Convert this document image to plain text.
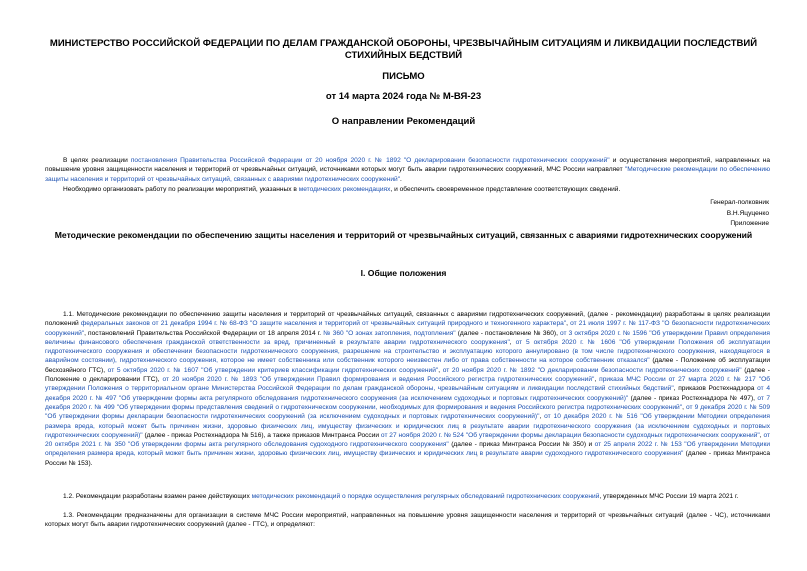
МИНИСТЕРСТВО РОССИЙСКОЙ ФЕДЕРАЦИИ ПО ДЕЛАМ ГРАЖДАНСКОЙ ОБОРОНЫ, ЧРЕЗВЫЧАЙНЫМ СИТУАЦИЯМ И ЛИКВИДАЦИИ ПОСЛЕДСТВИЙ СТИХИЙНЫХ БЕДСТВИЙ
ПИСЬМО
от 14 марта 2024 года № М-ВЯ-23
О направлении Рекомендаций

В целях реализации постановления Правительства Российской Федерации от 20 ноября 2020 г. № 1892 "О декларировании безопасности гидротехнических сооружений" и осуществления мероприятий, направленных на повышение уровня защищенности населения и территорий от чрезвычайных ситуаций, источниками которых могут быть аварии гидротехнических сооружений, МЧС России направляет "Методические рекомендации по обеспечению защиты населения и территорий от чрезвычайных ситуаций, связанных с авариями гидротехнических сооружений".

Необходимо организовать работу по реализации мероприятий, указанных в методических рекомендациях, и обеспечить своевременное представление соответствующих сведений.

Генерал-полковник
В.Н.Яцуценко
Приложение
Методические рекомендации по обеспечению защиты населения и территорий от чрезвычайных ситуаций, связанных с авариями гидротехнических сооружений
I. Общие положения

1.1. Методические рекомендации по обеспечению защиты населения и территорий от чрезвычайных ситуаций, связанных с авариями гидротехнических сооружений, (далее - рекомендации) разработаны в целях реализации положений федеральных законов от 21 декабря 1994 г. № 68-ФЗ "О защите населения и территорий от чрезвычайных ситуаций природного и техногенного характера", от 21 июля 1997 г. № 117-ФЗ "О безопасности гидротехнических сооружений", постановлений Правительства Российской Федерации от 18 апреля 2014 г. № 360 "О зонах затопления, подтопления" (далее - постановление № 360), от 3 октября 2020 г. № 1596 "Об утверждении Правил определения величины финансового обеспечения гражданской ответственности за вред, причиненный в результате аварии гидротехнического сооружения", от 5 октября 2020 г. № 1606 "Об утверждении Положения об эксплуатации гидротехнического сооружения и обеспечении безопасности гидротехнического сооружения, разрешение на строительство и эксплуатацию которого аннулировано (в том числе гидротехнического сооружения, находящегося в аварийном состоянии), гидротехнического сооружения, которое не имеет собственника или собственник которого неизвестен либо от права собственности на которое собственник отказался" (далее - Положение об эксплуатации бесхозяйного ГТС), от 5 октября 2020 г. № 1607 "Об утверждении критериев классификации гидротехнических сооружений", от 20 ноября 2020 г. № 1892 "О декларировании безопасности гидротехнических сооружений" (далее - Положение о декларировании ГТС), от 20 ноября 2020 г. № 1893 "Об утверждении Правил формирования и ведения Российского регистра гидротехнических сооружений", приказа МЧС России от 27 марта 2020 г. № 217 "Об утверждении Положения о территориальном органе Министерства Российской Федерации по делам гражданской обороны, чрезвычайным ситуациям и ликвидации последствий стихийных бедствий", приказов Ростехнадзора от 4 декабря 2020 г. № 497 "Об утверждении формы акта регулярного обследования гидротехнического сооружения (за исключением судоходных и портовых гидротехнических сооружений)" (далее - приказ Ростехнадзора № 497), от 7 декабря 2020 г. № 499 "Об утверждении формы представления сведений о гидротехническом сооружении, необходимых для формирования и ведения Российского регистра гидротехнических сооружений", от 9 декабря 2020 г. № 509 "Об утверждении формы декларации безопасности гидротехнических сооружений (за исключением судоходных и портовых гидротехнических сооружений)", от 10 декабря 2020 г. № 516 "Об утверждении Методики определения размера вреда, который может быть причинен жизни, здоровью физических лиц, имуществу физических и юридических лиц в результате аварии гидротехнического сооружения (за исключением судоходных и портовых гидротехнических сооружений)" (далее - приказ Ростехнадзора № 516), а также приказов Минтранса России от 27 ноября 2020 г. № 524 "Об утверждении формы декларации безопасности судоходных гидротехнических сооружений", от 20 октября 2021 г. № 350 "Об утверждении формы акта регулярного обследования судоходного гидротехнического сооружения" (далее - приказ Минтранса России № 350) и от 25 апреля 2022 г. № 153 "Об утверждении Методики определения размера вреда, который может быть причинен жизни, здоровью физических лиц, имуществу физических и юридических лиц в результате аварии судоходного гидротехнического сооружения" (далее - приказ Минтранса России № 153).

1.2. Рекомендации разработаны взамен ранее действующих методических рекомендаций о порядке осуществления регулярных обследований гидротехнических сооружений, утвержденных МЧС России 19 марта 2021 г.

1.3. Рекомендации предназначены для организации в системе МЧС России мероприятий, направленных на повышение уровня защищенности населения и территорий от чрезвычайных ситуаций (далее - ЧС), источниками которых могут быть аварии гидротехнических сооружений (далее - ГТС), и определяют:
